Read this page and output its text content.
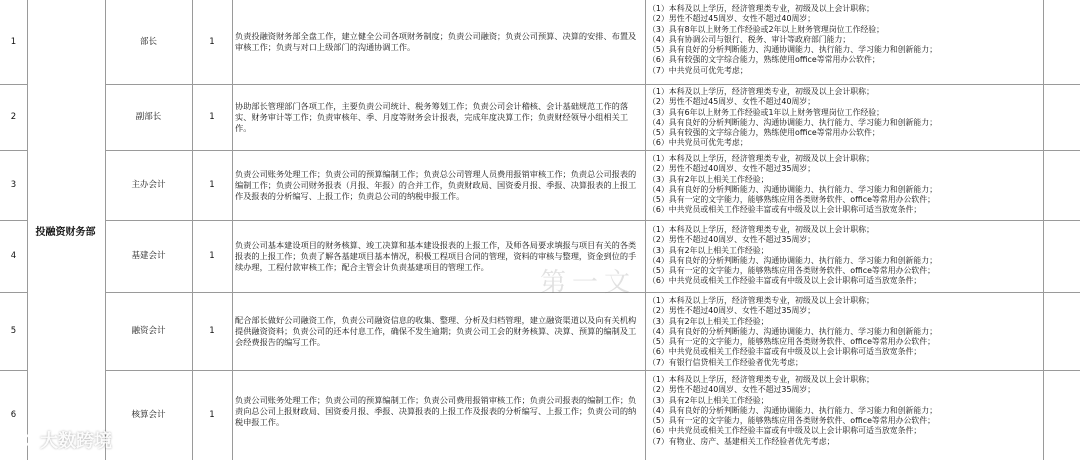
投融资财务部
1	部长	1
负责投融资财务部全盘工作，建立健全公司各项财务制度；负责公司融资；负责公司预算、决算的安排、布置及审核工作；负责与对口上级部门的沟通协调工作。
（1）本科及以上学历，经济管理类专业，初级及以上会计职称；
（2）男性不超过45周岁、女性不超过40周岁；
（3）具有8年以上财务工作经验或2年以上财务管理岗位工作经验；
（4）具有协调公司与银行、税务、审计等政府部门能力；
（5）具有良好的分析判断能力、沟通协调能力、执行能力、学习能力和创新能力；
（6）具有较强的文字综合能力，熟练使用office等常用办公软件；
（7）中共党员可优先考虑；
2	副部长	1
协助部长管理部门各项工作，主要负责公司统计、税务筹划工作；负责公司会计稽核、会计基础规范工作的落实、财务审计等工作；负责审核年、季、月度等财务会计报表，完成年度决算工作；负责财经领导小组相关工作。
（1）本科及以上学历，经济管理类专业，初级及以上会计职称；
（2）男性不超过45周岁、女性不超过40周岁；
（3）具有6年以上财务工作经验或1年以上财务管理岗位工作经验；
（4）具有良好的分析判断能力、沟通协调能力、执行能力、学习能力和创新能力；
（5）具有较强的文字综合能力，熟练使用office等常用办公软件；
（6）中共党员可优先考虑；
3	主办会计	1
负责公司账务处理工作；负责公司的预算编制工作；负责总公司管理人员费用报销审核工作；负责总公司报表的编制工作；负责公司财务报表（月报、年报）的合并工作，负责财政局、国资委月报、季报、决算报表的上报工作及报表的分析编写、上报工作；负责总公司的纳税申报工作。
（1）本科及以上学历，经济管理类专业，初级及以上会计职称；
（2）男性不超过40周岁、女性不超过35周岁；
（3）具有2年以上相关工作经验；
（4）具有良好的分析判断能力、沟通协调能力、执行能力、学习能力和创新能力；
（5）具有一定的文字能力，能够熟练应用各类财务软件、office等常用办公软件；
（6）中共党员或相关工作经验丰富或有中级及以上会计职称可适当放宽条件；
4	基建会计	1
负责公司基本建设项目的财务核算、竣工决算和基本建设报表的上报工作，及师各局要求填报与项目有关的各类报表的上报工作；负责了解各基建项目基本情况，积极工程项目合同的管理，资料的审核与整理，资金到位的手续办理，工程付款审核工作；配合主管会计负责基建项目的管理工作。
（1）本科及以上学历，经济管理类专业，初级及以上会计职称；
（2）男性不超过40周岁、女性不超过35周岁；
（3）具有2年以上相关工作经验；
（4）具有良好的分析判断能力、沟通协调能力、执行能力、学习能力和创新能力；
（5）具有一定的文字能力，能够熟练应用各类财务软件、office等常用办公软件；
（6）中共党员或相关工作经验丰富或有中级及以上会计职称可适当放宽条件；
5	融资会计	1
配合部长做好公司融资工作，负责公司融资信息的收集、整理、分析及归档管理，建立融资渠道以及向有关机构提供融资资料；负责公司的还本付息工作，确保不发生逾期；负责公司工会的财务核算、决算、预算的编制及工会经费报告的编写工作。
（1）本科及以上学历，经济管理类专业，初级及以上会计职称；
（2）男性不超过40周岁、女性不超过35周岁；
（3）具有2年以上相关工作经验；
（4）具有良好的分析判断能力、沟通协调能力、执行能力、学习能力和创新能力；
（5）具有一定的文字能力，能够熟练应用各类财务软件、office等常用办公软件；
（6）中共党员或相关工作经验丰富或有中级及以上会计职称可适当放宽条件；
（7）有银行信贷相关工作经验者优先考虑；
6	核算会计	1
负责公司账务处理工作；负责公司的预算编制工作；负责公司费用报销审核工作；负责公司报表的编制工作；负责向总公司上报财政局、国资委月报、季报、决算报表的上报工作及报表的分析编写、上报工作；负责公司的纳税申报工作。
（1）本科及以上学历，经济管理类专业，初级及以上会计职称；
（2）男性不超过40周岁、女性不超过35周岁；
（3）具有2年以上相关工作经验；
（4）具有良好的分析判断能力、沟通协调能力、执行能力、学习能力和创新能力；
（5）具有一定的文字能力，能够熟练应用各类财务软件、office等常用办公软件；
（6）中共党员或相关工作经验丰富或有中级及以上会计职称可适当放宽条件；
（7）有物业、房产、基建相关工作经验者优先考虑；
第一文
大数跨境
